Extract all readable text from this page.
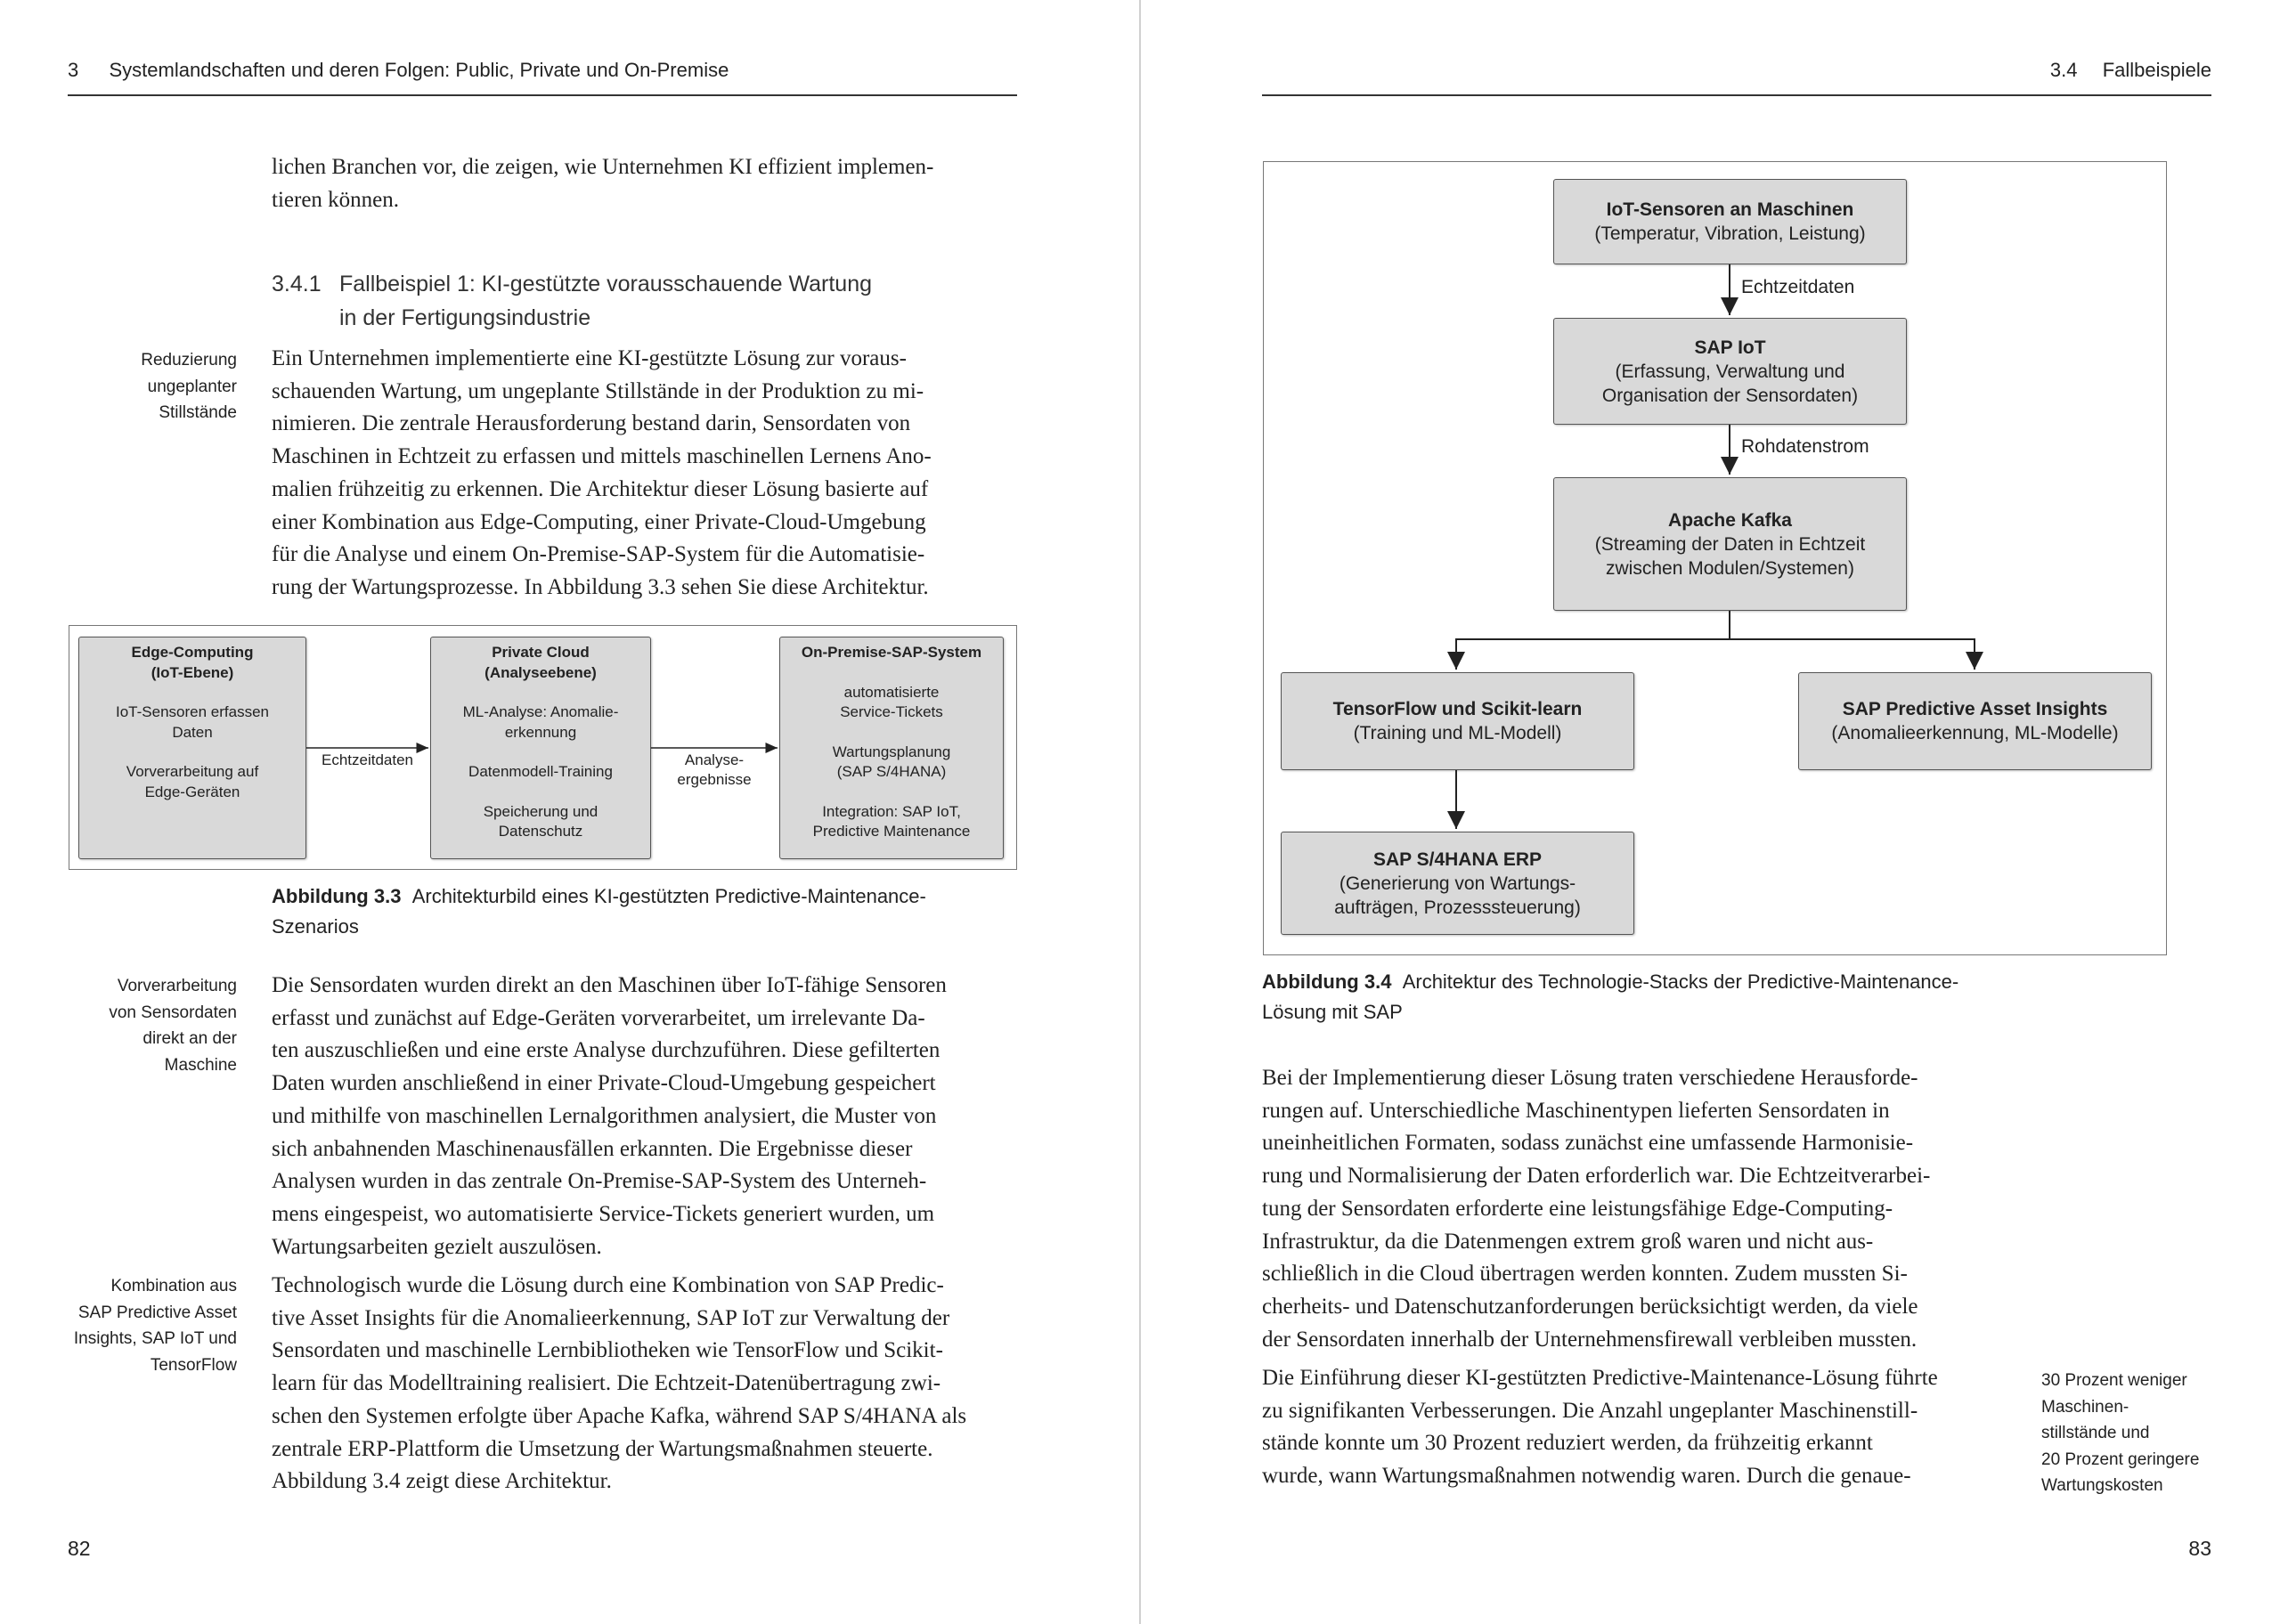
3 Systemlandschaften und deren Folgen: Public, Private und On-Premise

lichen Branchen vor, die zeigen, wie Unternehmen KI effizient implemen-
tieren können.

3.4.1 Fallbeispiel 1: KI-gestützte vorausschauende Wartung
in der Fertigungsindustrie

Reduzierung
ungeplanter
Stillstände

Ein Unternehmen implementierte eine KI-gestützte Lösung zur voraus-
schauenden Wartung, um ungeplante Stillstände in der Produktion zu mi-
nimieren. Die zentrale Herausforderung bestand darin, Sensordaten von
Maschinen in Echtzeit zu erfassen und mittels maschinellen Lernens Ano-
malien frühzeitig zu erkennen. Die Architektur dieser Lösung basierte auf
einer Kombination aus Edge-Computing, einer Private-Cloud-Umgebung
für die Analyse und einem On-Premise-SAP-System für die Automatisie-
rung der Wartungsprozesse. In Abbildung 3.3 sehen Sie diese Architektur.

Edge-Computing
(IoT-Ebene)
IoT-Sensoren erfassen
Daten
Vorverarbeitung auf
Edge-Geräten
Private Cloud
(Analyseebene)
ML-Analyse: Anomalie-
erkennung
Datenmodell-Training
Speicherung und
Datenschutz
On-Premise-SAP-System
automatisierte
Service-Tickets
Wartungsplanung
(SAP S/4HANA)
Integration: SAP IoT,
Predictive Maintenance
Echtzeitdaten	Analyse-
ergebnisse

Abbildung 3.3 Architekturbild eines KI-gestützten Predictive-Maintenance-
Szenarios

Vorverarbeitung
von Sensordaten
direkt an der
Maschine

Die Sensordaten wurden direkt an den Maschinen über IoT-fähige Sensoren
erfasst und zunächst auf Edge-Geräten vorverarbeitet, um irrelevante Da-
ten auszuschließen und eine erste Analyse durchzuführen. Diese gefilterten
Daten wurden anschließend in einer Private-Cloud-Umgebung gespeichert
und mithilfe von maschinellen Lernalgorithmen analysiert, die Muster von
sich anbahnenden Maschinenausfällen erkannten. Die Ergebnisse dieser
Analysen wurden in das zentrale On-Premise-SAP-System des Unterneh-
mens eingespeist, wo automatisierte Service-Tickets generiert wurden, um
Wartungsarbeiten gezielt auszulösen.

Kombination aus
SAP Predictive Asset
Insights, SAP IoT und
TensorFlow

Technologisch wurde die Lösung durch eine Kombination von SAP Predic-
tive Asset Insights für die Anomalieerkennung, SAP IoT zur Verwaltung der
Sensordaten und maschinelle Lernbibliotheken wie TensorFlow und Scikit-
learn für das Modelltraining realisiert. Die Echtzeit-Datenübertragung zwi-
schen den Systemen erfolgte über Apache Kafka, während SAP S/4HANA als
zentrale ERP-Plattform die Umsetzung der Wartungsmaßnahmen steuerte.
Abbildung 3.4 zeigt diese Architektur.

82
3.4 Fallbeispiele
IoT-Sensoren an Maschinen
(Temperatur, Vibration, Leistung)
SAP IoT
(Erfassung, Verwaltung und
Organisation der Sensordaten)
Apache Kafka
(Streaming der Daten in Echtzeit
zwischen Modulen/Systemen)
TensorFlow und Scikit-learn
(Training und ML-Modell)
SAP Predictive Asset Insights
(Anomalieerkennung, ML-Modelle)
SAP S/4HANA ERP
(Generierung von Wartungs-
aufträgen, Prozesssteuerung)
Echtzeitdaten
Rohdatenstrom

Abbildung 3.4 Architektur des Technologie-Stacks der Predictive-Maintenance-
Lösung mit SAP

Bei der Implementierung dieser Lösung traten verschiedene Herausforde-
rungen auf. Unterschiedliche Maschinentypen lieferten Sensordaten in
uneinheitlichen Formaten, sodass zunächst eine umfassende Harmonisie-
rung und Normalisierung der Daten erforderlich war. Die Echtzeitverarbei-
tung der Sensordaten erforderte eine leistungsfähige Edge-Computing-
Infrastruktur, da die Datenmengen extrem groß waren und nicht aus-
schließlich in die Cloud übertragen werden konnten. Zudem mussten Si-
cherheits- und Datenschutzanforderungen berücksichtigt werden, da viele
der Sensordaten innerhalb der Unternehmensfirewall verbleiben mussten.

Die Einführung dieser KI-gestützten Predictive-Maintenance-Lösung führte
zu signifikanten Verbesserungen. Die Anzahl ungeplanter Maschinenstill-
stände konnte um 30 Prozent reduziert werden, da frühzeitig erkannt
wurde, wann Wartungsmaßnahmen notwendig waren. Durch die genaue-

30 Prozent weniger
Maschinen-
stillstände und
20 Prozent geringere
Wartungskosten

83
